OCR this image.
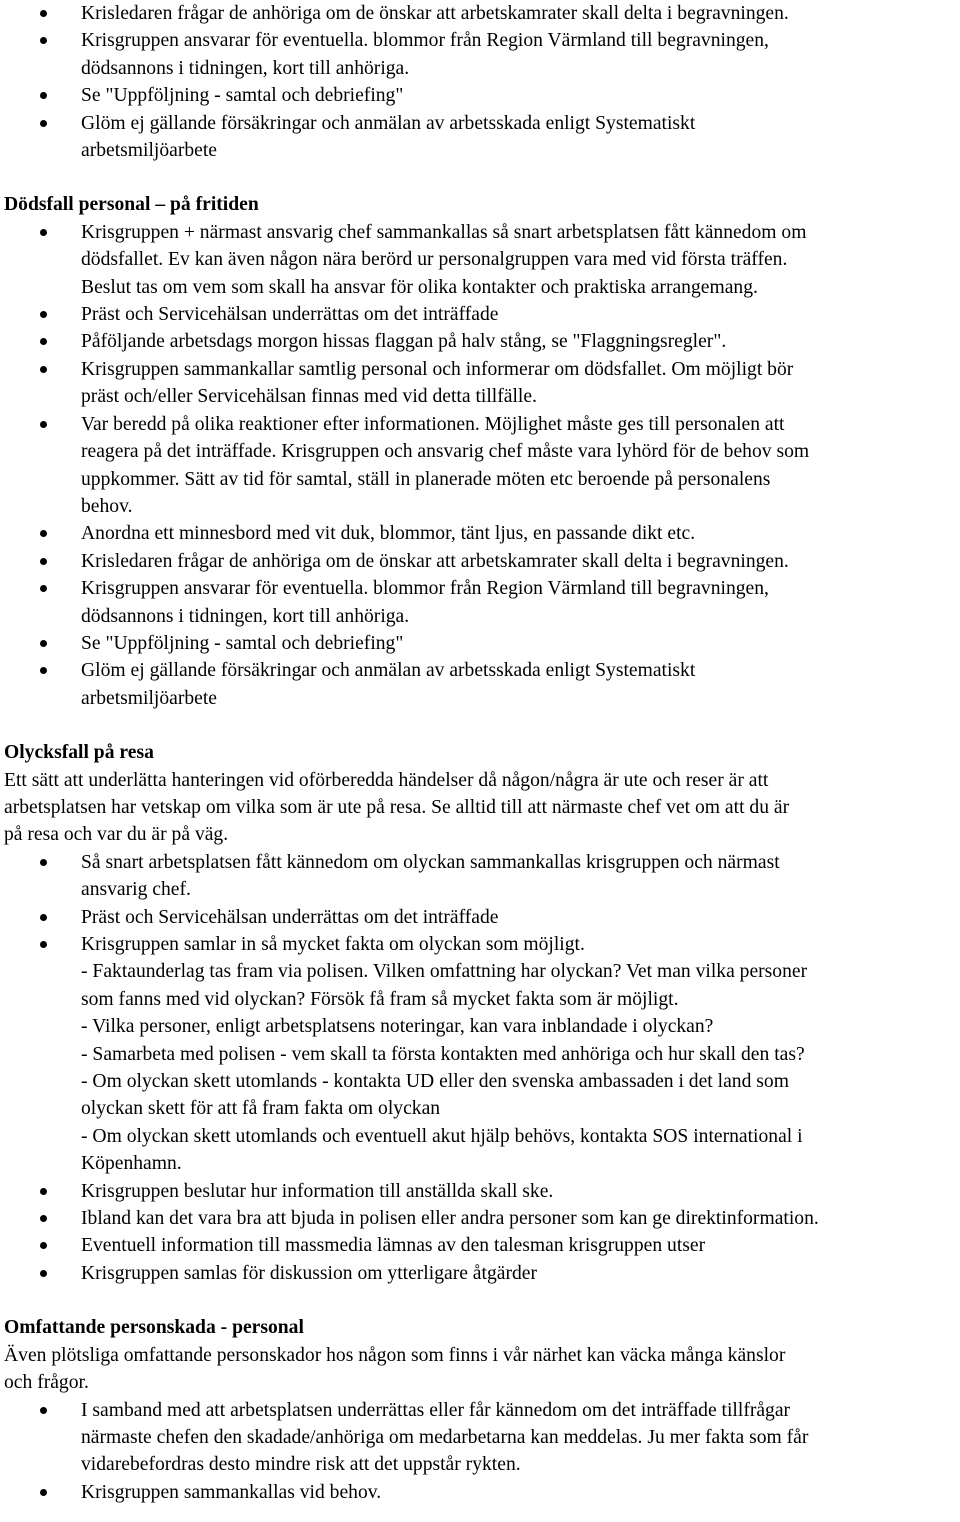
Krisledaren frågar de anhöriga om de önskar att arbetskamrater skall delta i begravningen.
Krisgruppen ansvarar för eventuella. blommor från Region Värmland till begravningen,
dödsannons i tidningen, kort till anhöriga.
Se "Uppföljning - samtal och debriefing"
Glöm ej gällande försäkringar och anmälan av arbetsskada enligt Systematiskt
arbetsmiljöarbete
Dödsfall personal – på fritiden
Krisgruppen + närmast ansvarig chef sammankallas så snart arbetsplatsen fått kännedom om
dödsfallet. Ev kan även någon nära berörd ur personalgruppen vara med vid första träffen.
Beslut tas om vem som skall ha ansvar för olika kontakter och praktiska arrangemang.
Präst och Servicehälsan underrättas om det inträffade
Påföljande arbetsdags morgon hissas flaggan på halv stång, se "Flaggningsregler".
Krisgruppen sammankallar samtlig personal och informerar om dödsfallet. Om möjligt bör
präst och/eller Servicehälsan finnas med vid detta tillfälle.
Var beredd på olika reaktioner efter informationen. Möjlighet måste ges till personalen att
reagera på det inträffade. Krisgruppen och ansvarig chef måste vara lyhörd för de behov som
uppkommer. Sätt av tid för samtal, ställ in planerade möten etc beroende på personalens
behov.
Anordna ett minnesbord med vit duk, blommor, tänt ljus, en passande dikt etc.
Krisledaren frågar de anhöriga om de önskar att arbetskamrater skall delta i begravningen.
Krisgruppen ansvarar för eventuella. blommor från Region Värmland till begravningen,
dödsannons i tidningen, kort till anhöriga.
Se "Uppföljning - samtal och debriefing"
Glöm ej gällande försäkringar och anmälan av arbetsskada enligt Systematiskt
arbetsmiljöarbete
Olycksfall på resa

Ett sätt att underlätta hanteringen vid oförberedda händelser då någon/några är ute och reser är att
arbetsplatsen har vetskap om vilka som är ute på resa. Se alltid till att närmaste chef vet om att du är
på resa och var du är på väg.

Så snart arbetsplatsen fått kännedom om olyckan sammankallas krisgruppen och närmast
ansvarig chef.
Präst och Servicehälsan underrättas om det inträffade
Krisgruppen samlar in så mycket fakta om olyckan som möjligt.
- Faktaunderlag tas fram via polisen. Vilken omfattning har olyckan? Vet man vilka personer
som fanns med vid olyckan? Försök få fram så mycket fakta som är möjligt.
- Vilka personer, enligt arbetsplatsens noteringar, kan vara inblandade i olyckan?
- Samarbeta med polisen - vem skall ta första kontakten med anhöriga och hur skall den tas?
- Om olyckan skett utomlands - kontakta UD eller den svenska ambassaden i det land som
olyckan skett för att få fram fakta om olyckan
- Om olyckan skett utomlands och eventuell akut hjälp behövs, kontakta SOS international i
Köpenhamn.
Krisgruppen beslutar hur information till anställda skall ske.
Ibland kan det vara bra att bjuda in polisen eller andra personer som kan ge direktinformation.
Eventuell information till massmedia lämnas av den talesman krisgruppen utser
Krisgruppen samlas för diskussion om ytterligare åtgärder
Omfattande personskada - personal

Även plötsliga omfattande personskador hos någon som finns i vår närhet kan väcka många känslor
och frågor.

I samband med att arbetsplatsen underrättas eller får kännedom om det inträffade tillfrågar
närmaste chefen den skadade/anhöriga om medarbetarna kan meddelas. Ju mer fakta som får
vidarebefordras desto mindre risk att det uppstår rykten.
Krisgruppen sammankallas vid behov.
